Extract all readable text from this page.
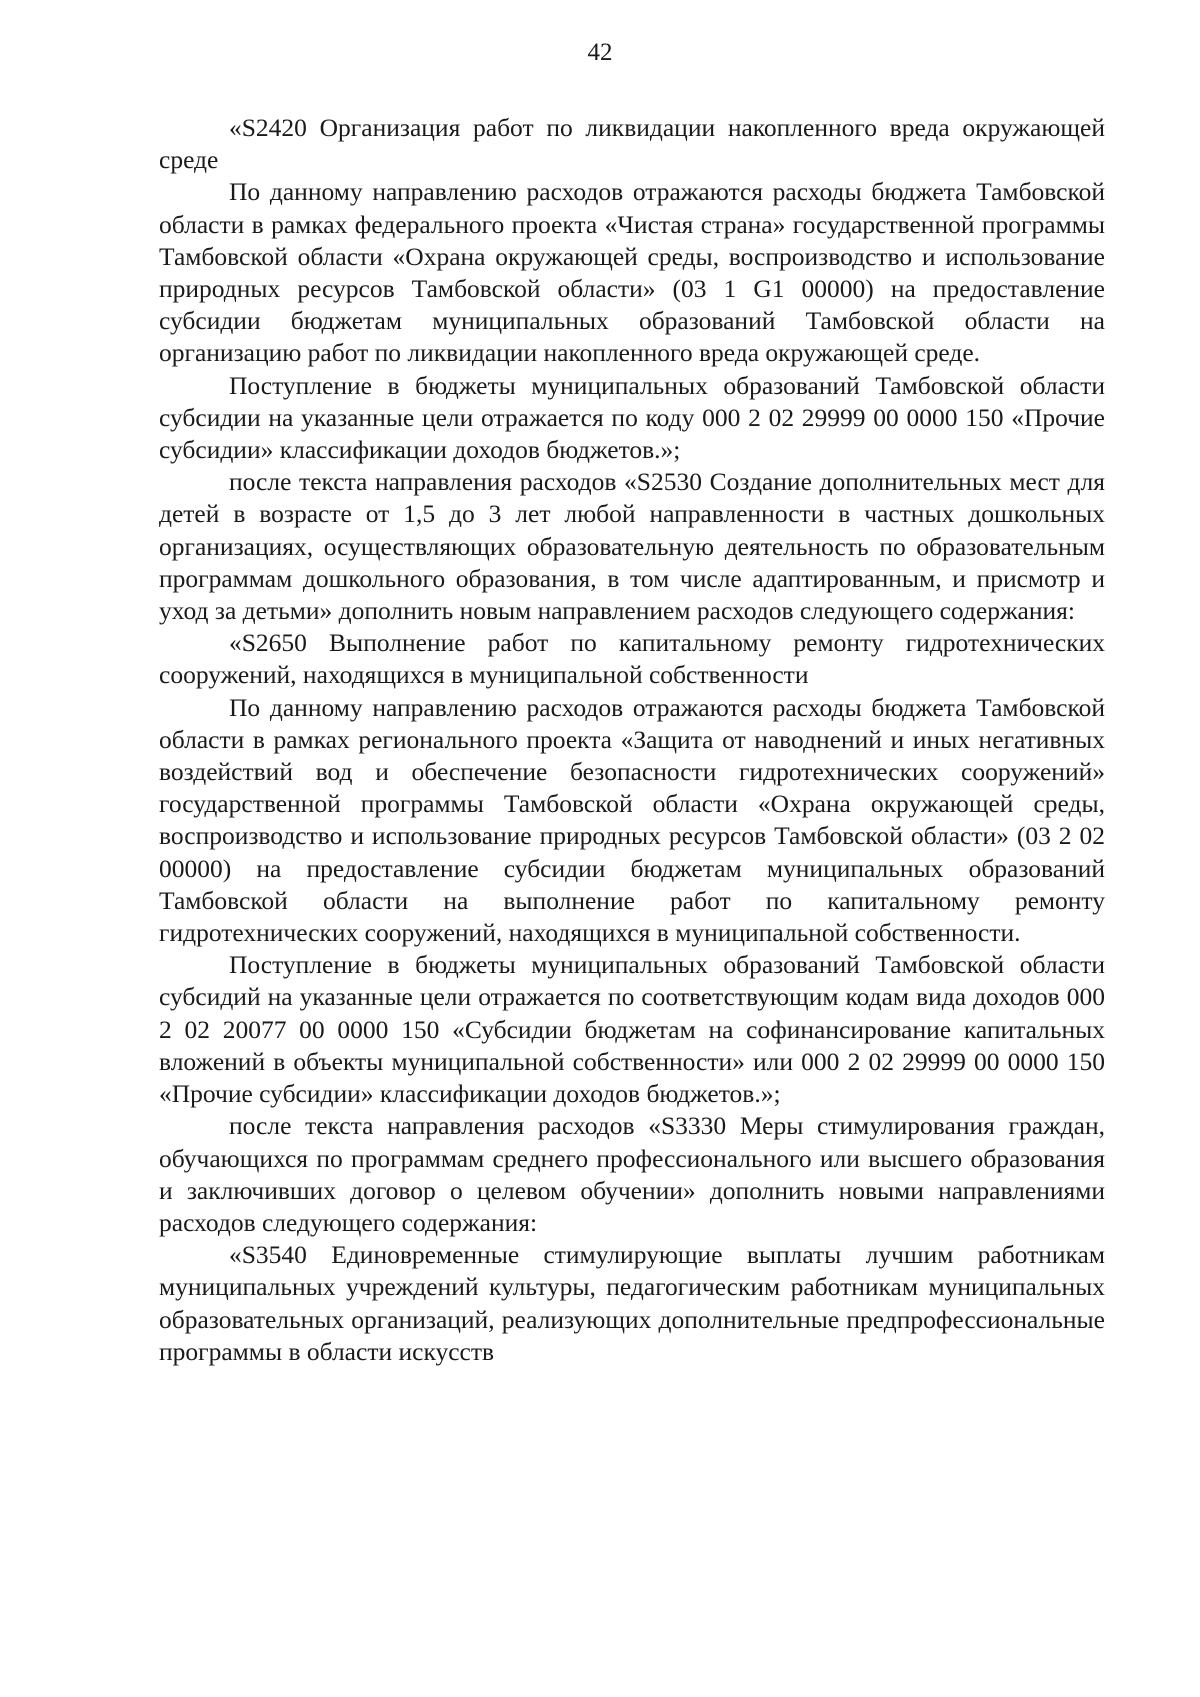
42

«S2420 Организация работ по ликвидации накопленного вреда окружающей среде

По данному направлению расходов отражаются расходы бюджета Тамбовской области в рамках федерального проекта «Чистая страна» государственной программы Тамбовской области «Охрана окружающей среды, воспроизводство и использование природных ресурсов Тамбовской области» (03 1 G1 00000) на предоставление субсидии бюджетам муниципальных образований Тамбовской области на организацию работ по ликвидации накопленного вреда окружающей среде.

Поступление в бюджеты муниципальных образований Тамбовской области субсидии на указанные цели отражается по коду 000 2 02 29999 00 0000 150 «Прочие субсидии» классификации доходов бюджетов.»;

после текста направления расходов «S2530 Создание дополнительных мест для детей в возрасте от 1,5 до 3 лет любой направленности в частных дошкольных организациях, осуществляющих образовательную деятельность по образовательным программам дошкольного образования, в том числе адаптированным, и присмотр и уход за детьми» дополнить новым направлением расходов следующего содержания:

«S2650 Выполнение работ по капитальному ремонту гидротехнических сооружений, находящихся в муниципальной собственности

По данному направлению расходов отражаются расходы бюджета Тамбовской области в рамках регионального проекта «Защита от наводнений и иных негативных воздействий вод и обеспечение безопасности гидротехнических сооружений» государственной программы Тамбовской области «Охрана окружающей среды, воспроизводство и использование природных ресурсов Тамбовской области» (03 2 02 00000) на предоставление субсидии бюджетам муниципальных образований Тамбовской области на выполнение работ по капитальному ремонту гидротехнических сооружений, находящихся в муниципальной собственности.

Поступление в бюджеты муниципальных образований Тамбовской области субсидий на указанные цели отражается по соответствующим кодам вида доходов 000 2 02 20077 00 0000 150 «Субсидии бюджетам на софинансирование капитальных вложений в объекты муниципальной собственности» или 000 2 02 29999 00 0000 150 «Прочие субсидии» классификации доходов бюджетов.»;

после текста направления расходов «S3330 Меры стимулирования граждан, обучающихся по программам среднего профессионального или высшего образования и заключивших договор о целевом обучении» дополнить новыми направлениями расходов следующего содержания:

«S3540 Единовременные стимулирующие выплаты лучшим работникам муниципальных учреждений культуры, педагогическим работникам муниципальных образовательных организаций, реализующих дополнительные предпрофессиональные программы в области искусств
